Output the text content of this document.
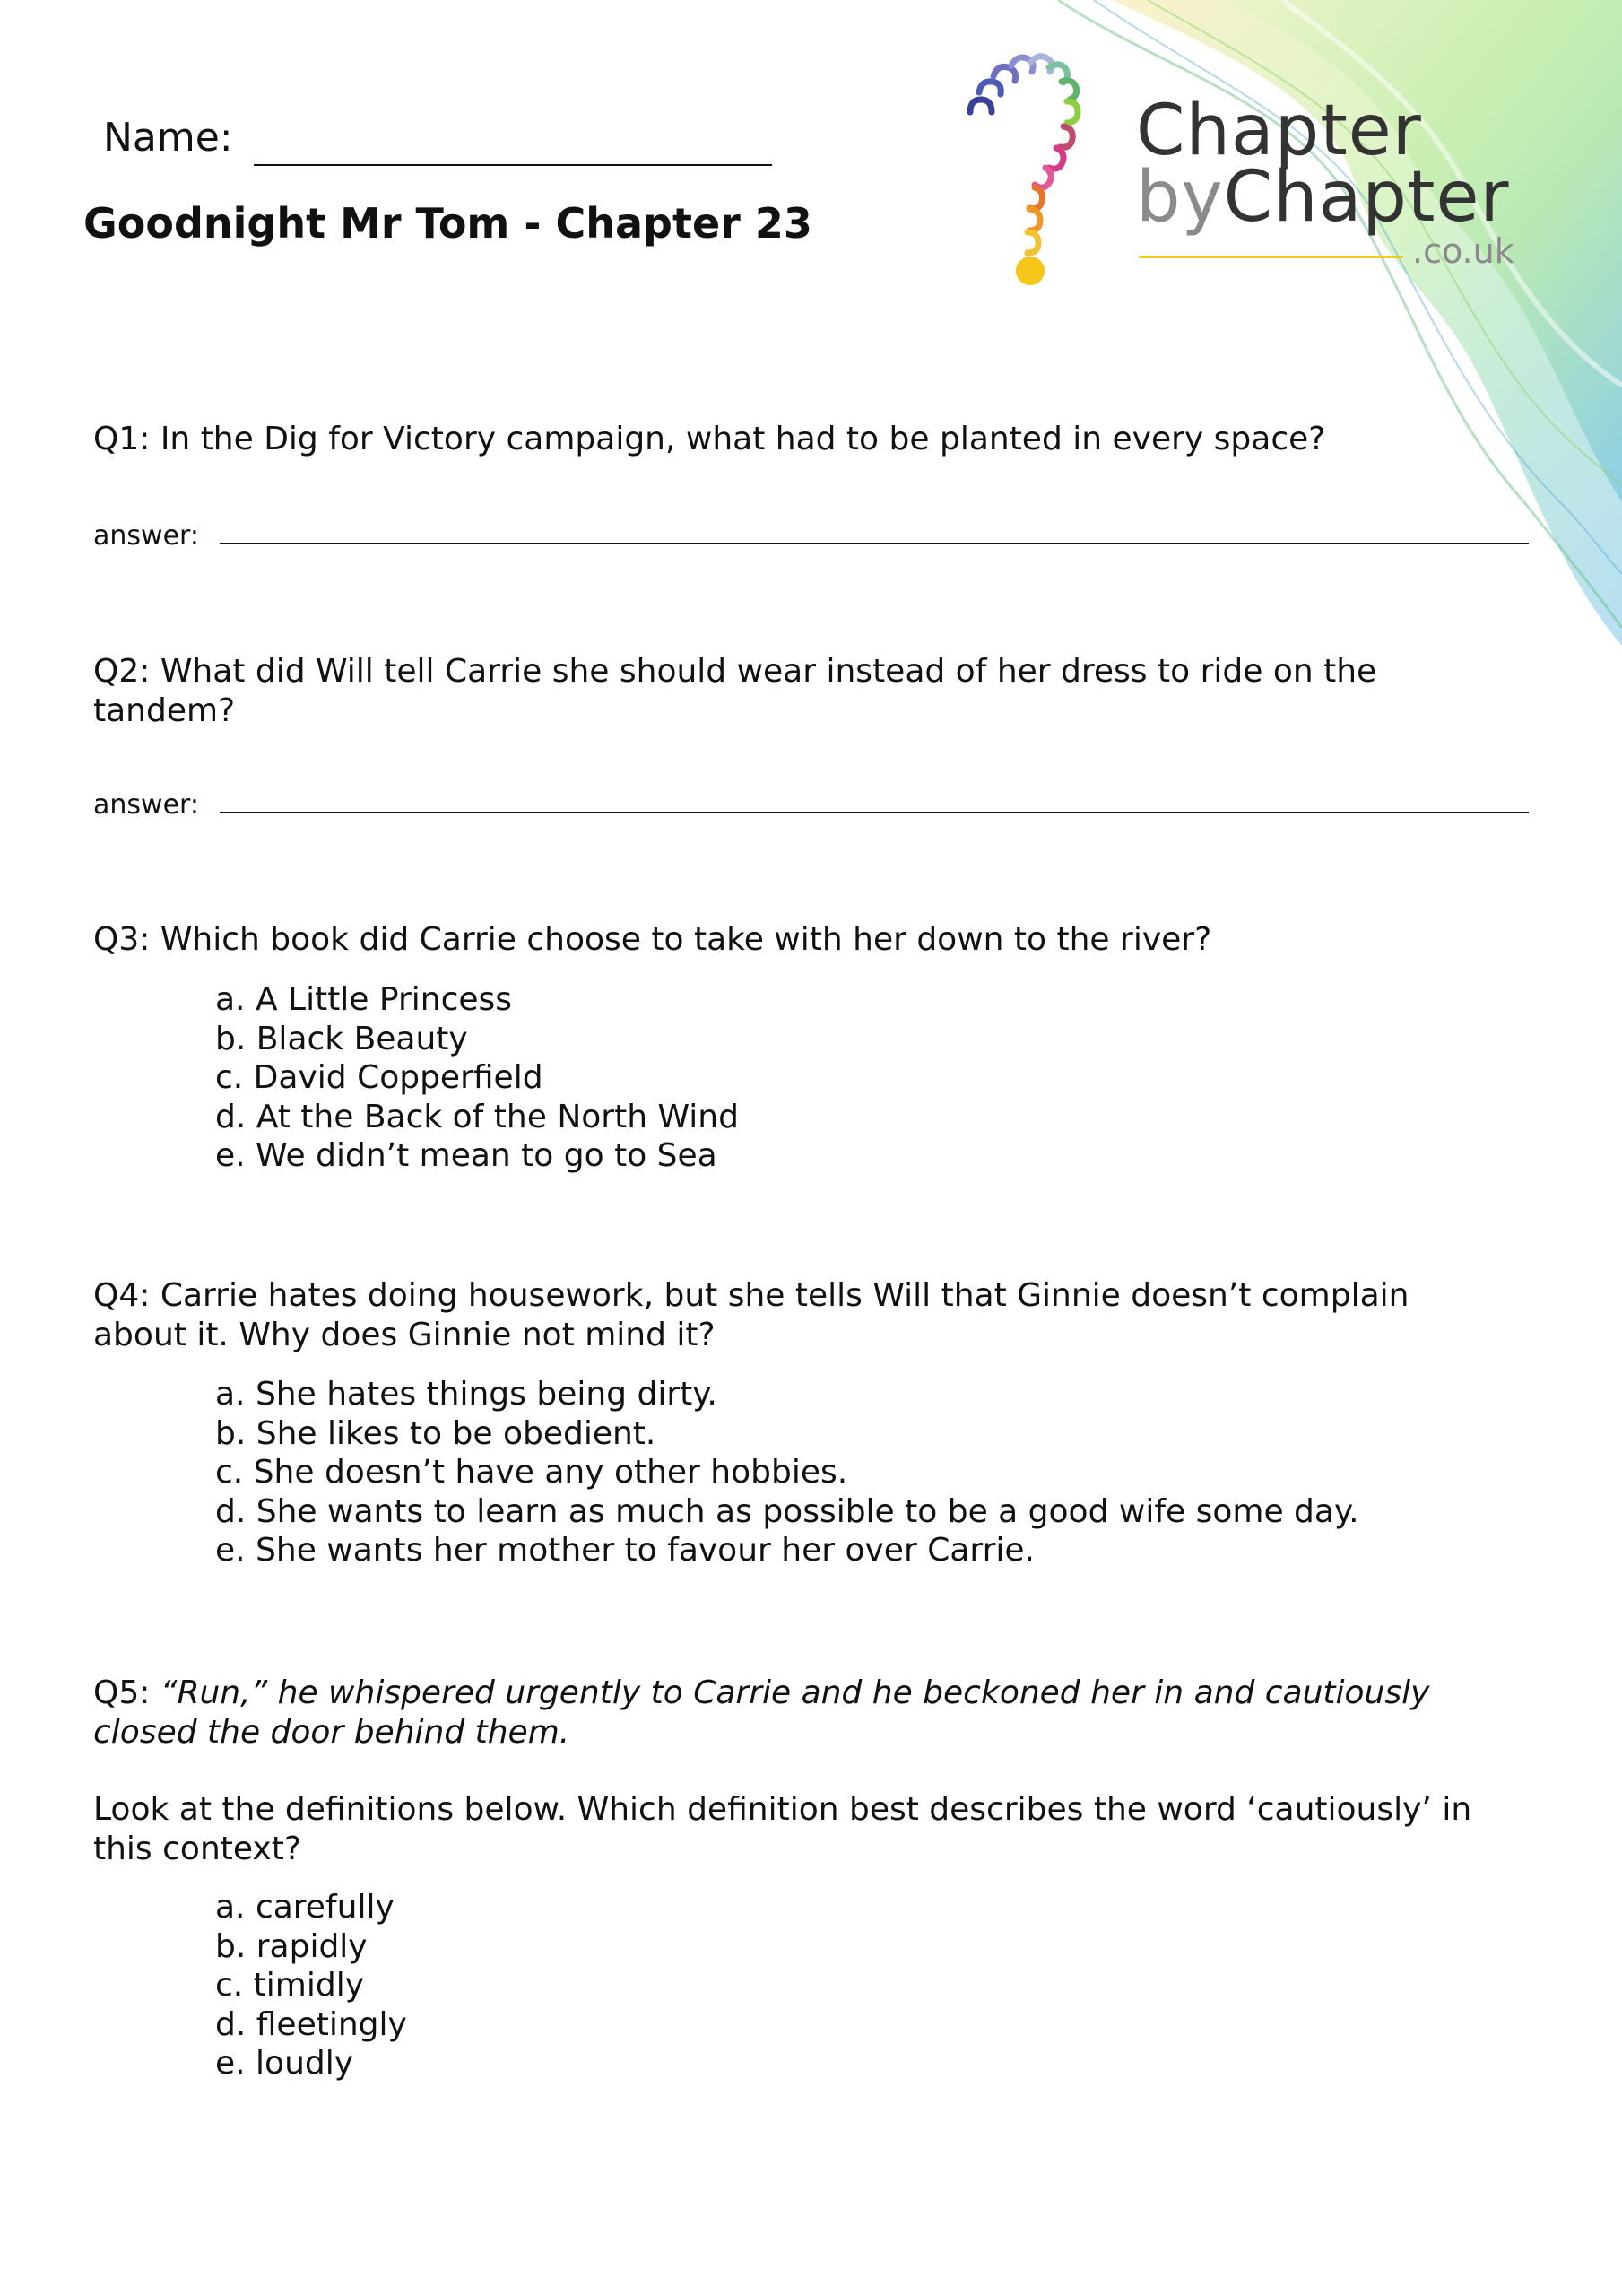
Chapter
byChapter
.co.uk
Name:
Goodnight Mr Tom - Chapter 23
Q1: In the Dig for Victory campaign, what had to be planted in every space?
answer:
Q2: What did Will tell Carrie she should wear instead of her dress to ride on the
tandem?
answer:
Q3: Which book did Carrie choose to take with her down to the river?
a. A Little Princess
b. Black Beauty
c. David Copperfield
d. At the Back of the North Wind
e. We didn’t mean to go to Sea
Q4: Carrie hates doing housework, but she tells Will that Ginnie doesn’t complain
about it. Why does Ginnie not mind it?
a. She hates things being dirty.
b. She likes to be obedient.
c. She doesn’t have any other hobbies.
d. She wants to learn as much as possible to be a good wife some day.
e. She wants her mother to favour her over Carrie.
Q5: “Run,” he whispered urgently to Carrie and he beckoned her in and cautiously
closed the door behind them.
Look at the definitions below. Which definition best describes the word ‘cautiously’ in
this context?
a. carefully
b. rapidly
c. timidly
d. fleetingly
e. loudly
